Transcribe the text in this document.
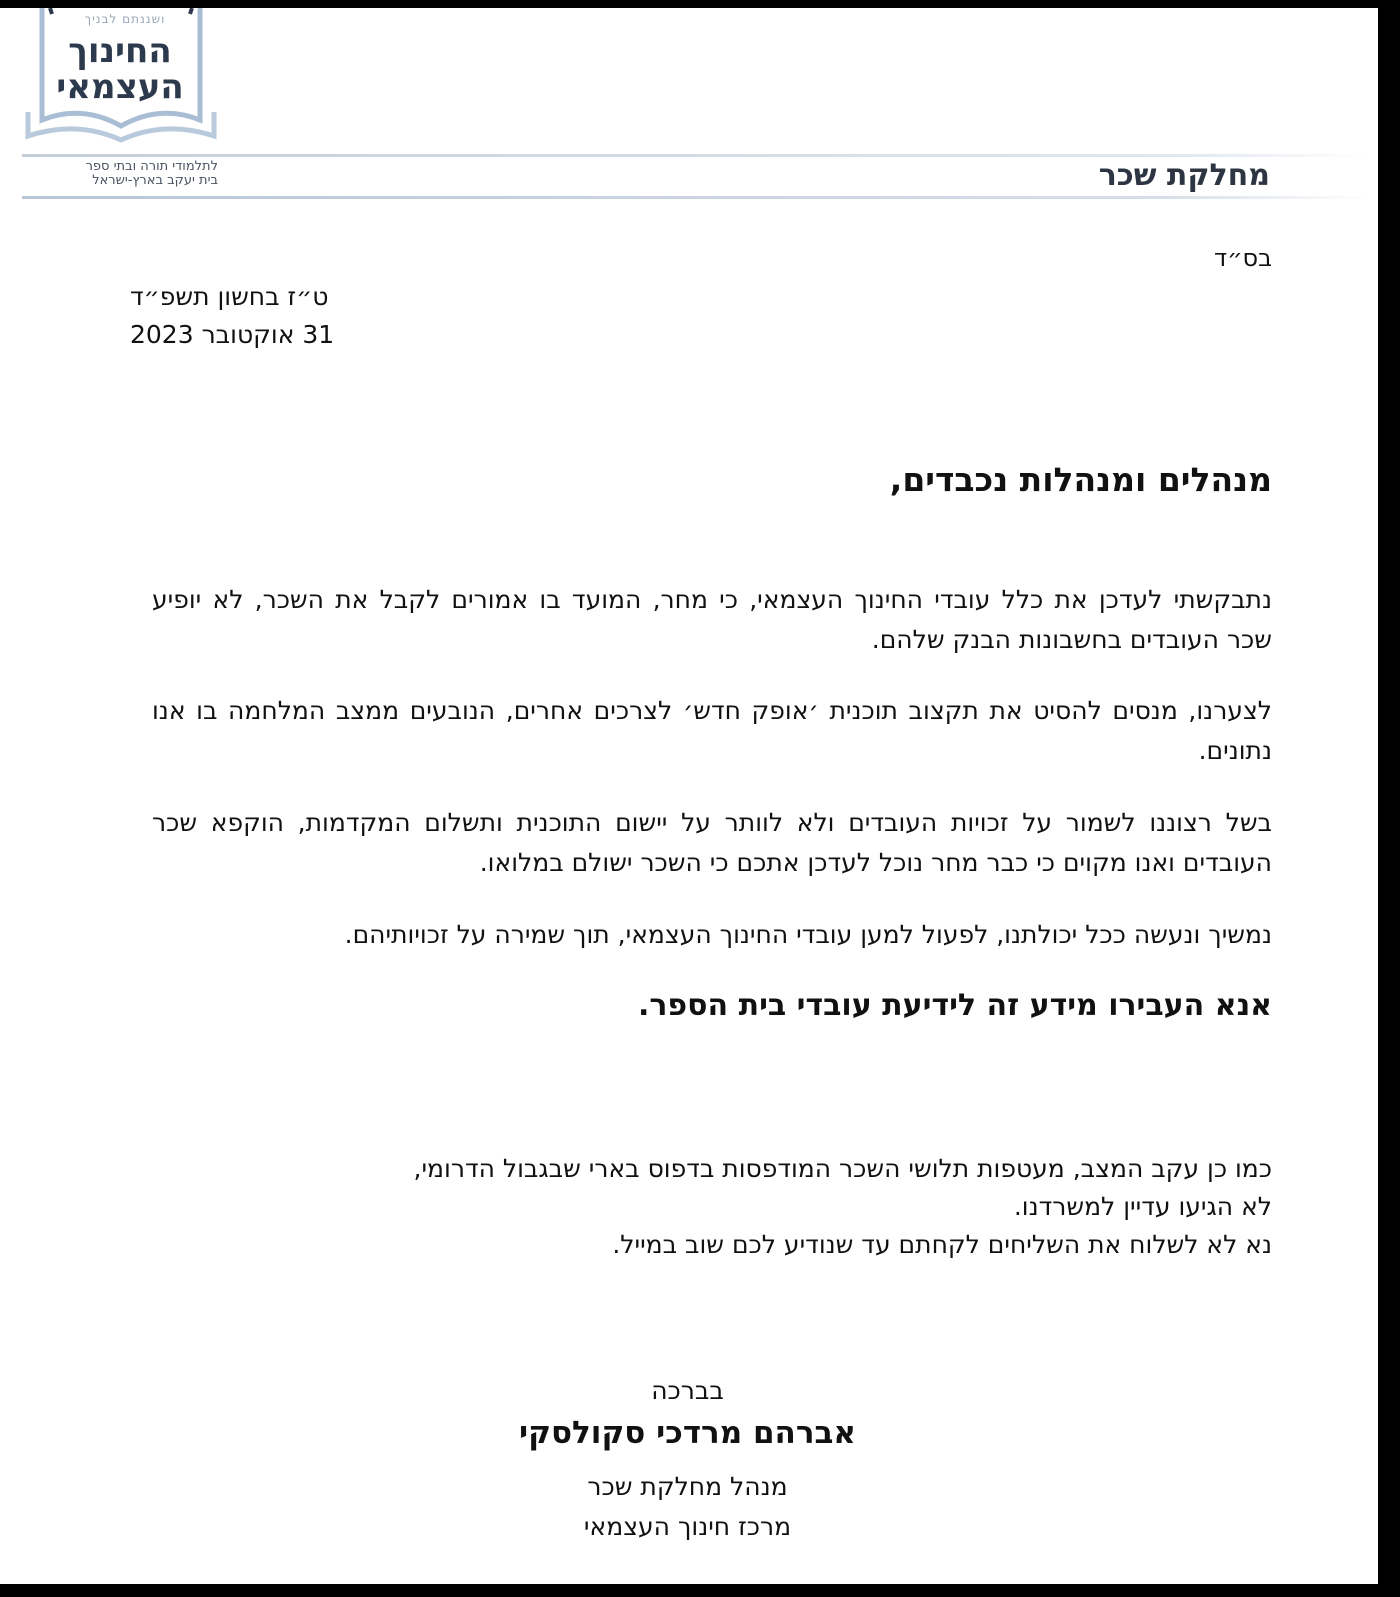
ושננתם לבניך
החינוך
העצמאי
לתלמודי תורה ובתי ספר
בית יעקב בארץ-ישראל	מחלקת שכר
בס״ד
ט״ז בחשון תשפ״ד
31 אוקטובר 2023
מנהלים ומנהלות נכבדים,
נתבקשתי לעדכן את כלל עובדי החינוך העצמאי, כי מחר, המועד בו אמורים לקבל את השכר, לא יופיע שכר העובדים בחשבונות הבנק שלהם.
לצערנו, מנסים להסיט את תקצוב תוכנית ׳אופק חדש׳ לצרכים אחרים, הנובעים ממצב המלחמה בו אנו נתונים.
בשל רצוננו לשמור על זכויות העובדים ולא לוותר על יישום התוכנית ותשלום המקדמות, הוקפא שכר העובדים ואנו מקוים כי כבר מחר נוכל לעדכן אתכם כי השכר ישולם במלואו.
נמשיך ונעשה ככל יכולתנו, לפעול למען עובדי החינוך העצמאי, תוך שמירה על זכויותיהם.
אנא העבירו מידע זה לידיעת עובדי בית הספר.
כמו כן עקב המצב, מעטפות תלושי השכר המודפסות בדפוס בארי שבגבול הדרומי,
לא הגיעו עדיין למשרדנו.
נא לא לשלוח את השליחים לקחתם עד שנודיע לכם שוב במייל.
בברכה
אברהם מרדכי סקולסקי
מנהל מחלקת שכר
מרכז חינוך העצמאי
